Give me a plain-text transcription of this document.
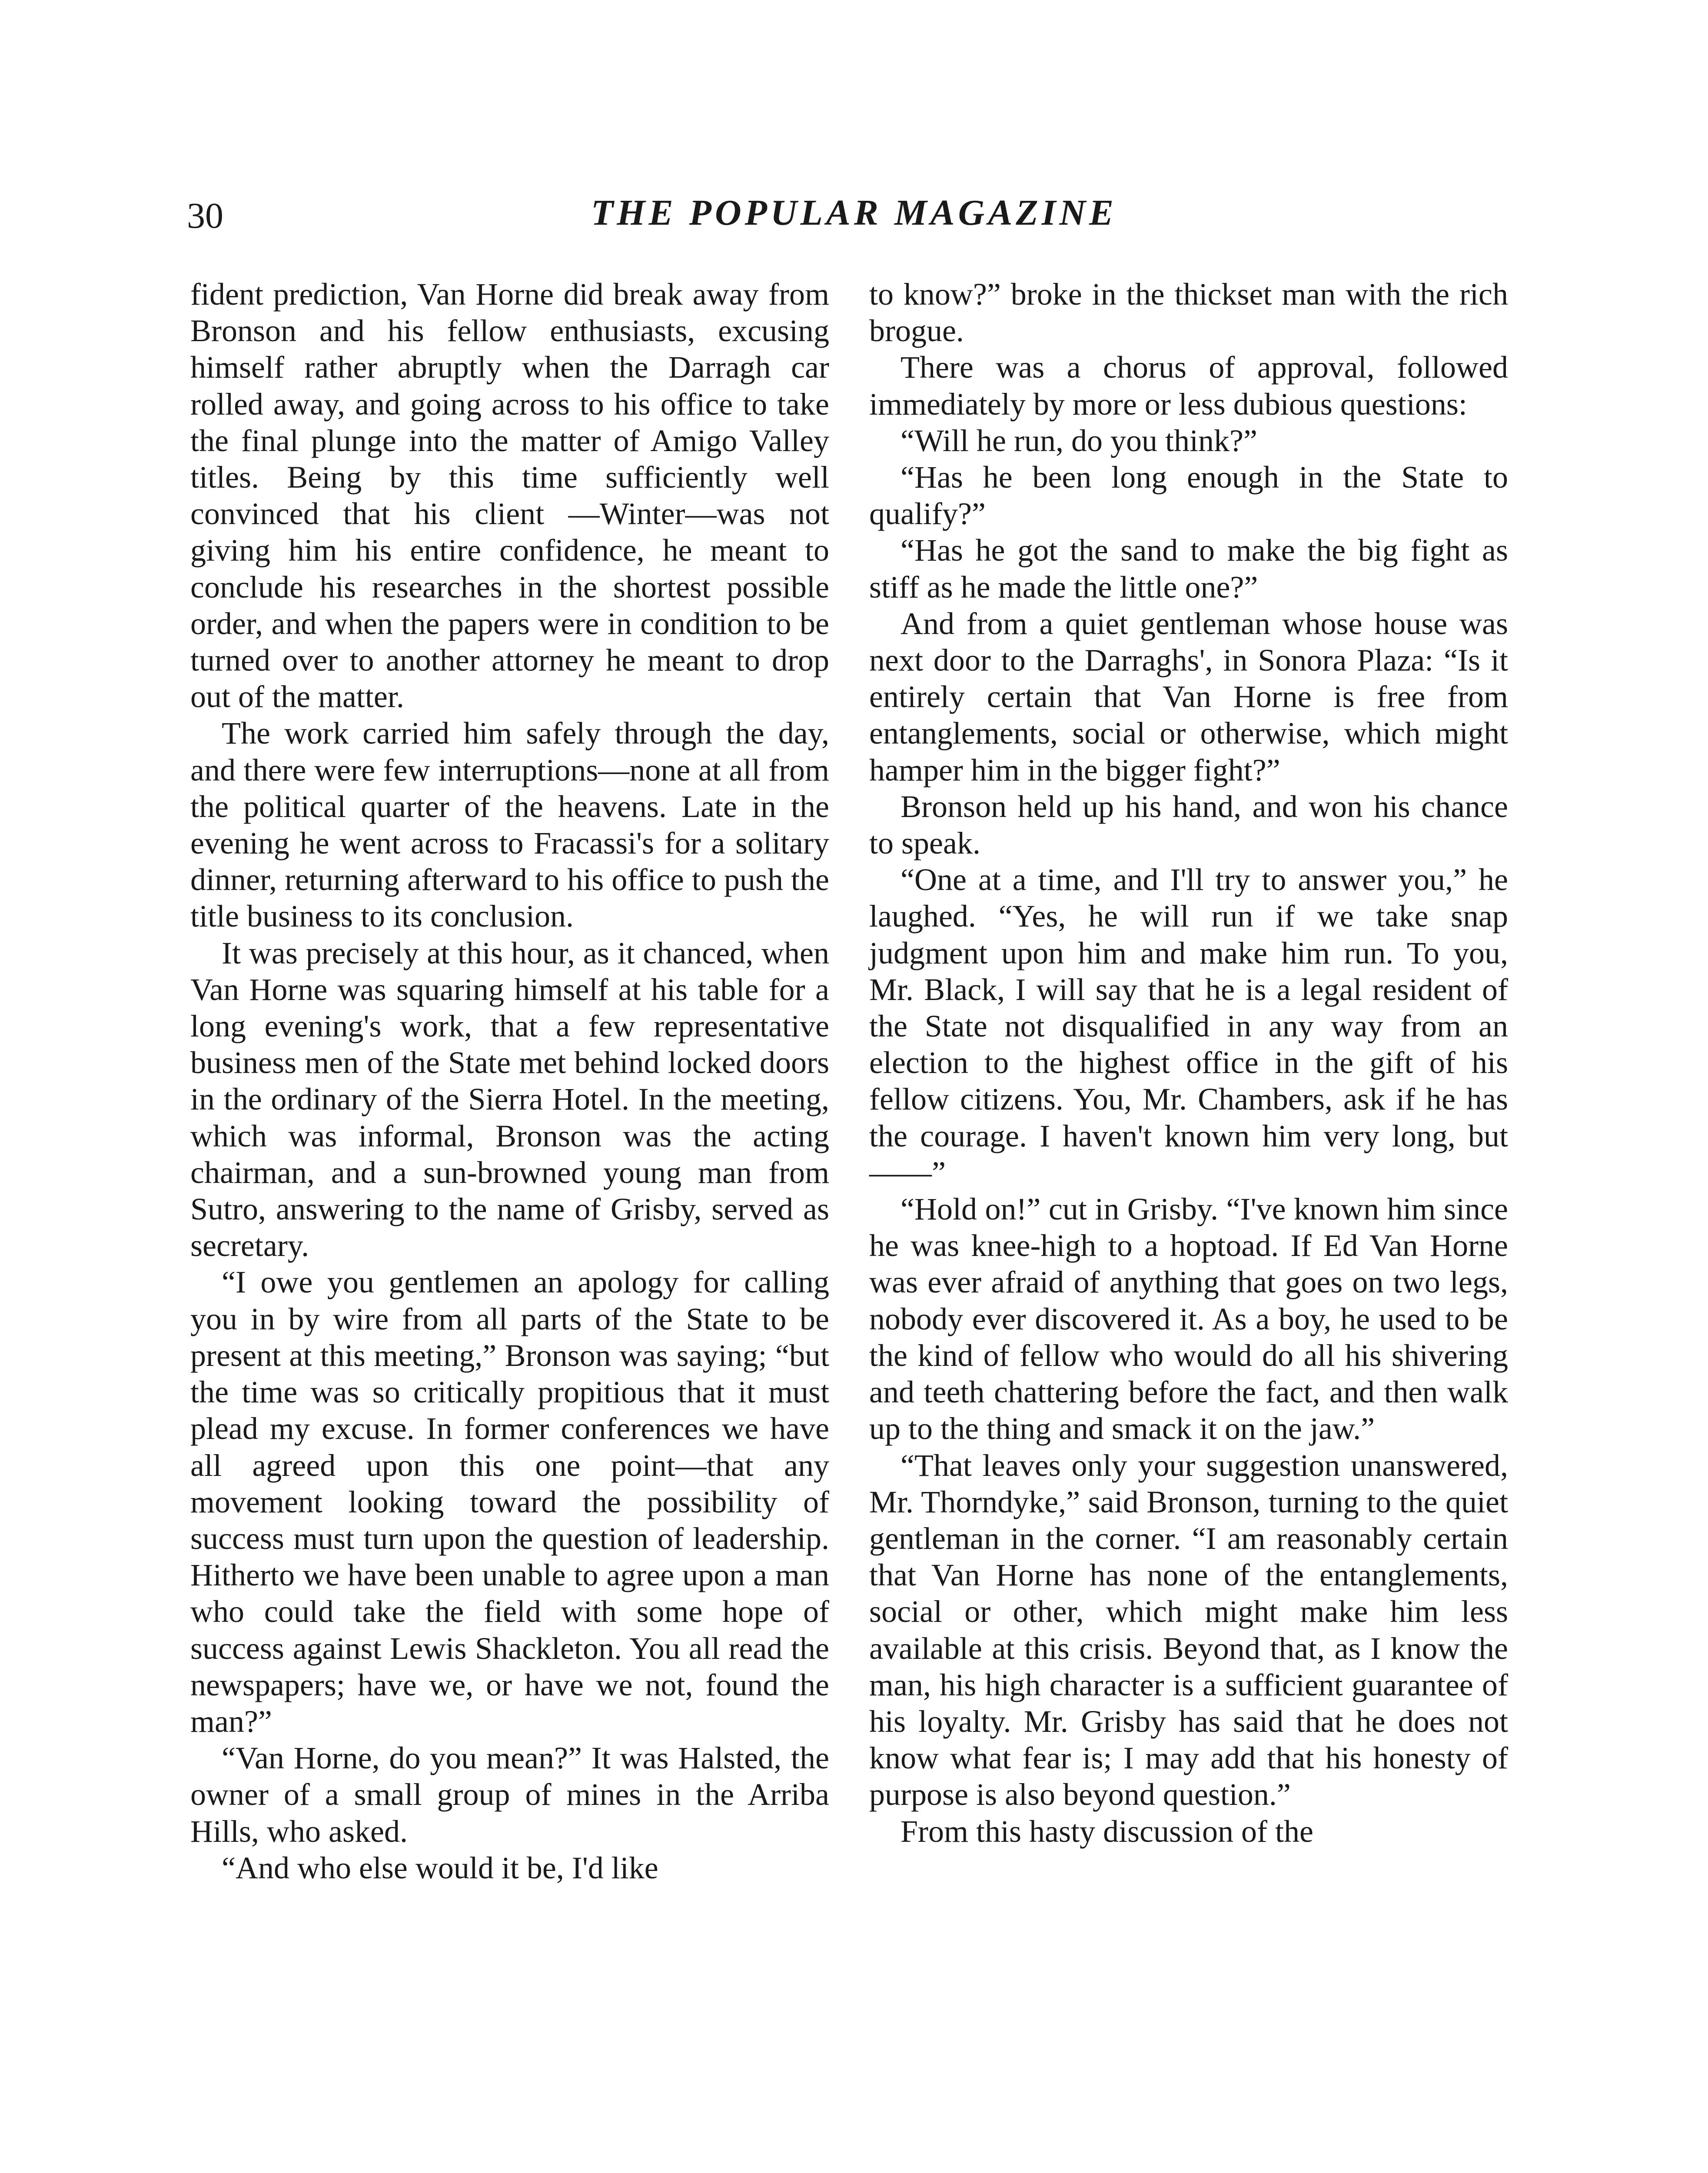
30	THE POPULAR MAGAZINE

fident prediction, Van Horne did break away from Bronson and his fellow enthusiasts, excusing himself rather abruptly when the Darragh car rolled away, and going across to his office to take the final plunge into the matter of Amigo Valley titles. Being by this time sufficiently well convinced that his client —Winter—was not giving him his entire confidence, he meant to conclude his researches in the shortest possible order, and when the papers were in condition to be turned over to another attorney he meant to drop out of the matter.

The work carried him safely through the day, and there were few interruptions—none at all from the political quarter of the heavens. Late in the evening he went across to Fracassi's for a solitary dinner, returning afterward to his office to push the title business to its conclusion.

It was precisely at this hour, as it chanced, when Van Horne was squaring himself at his table for a long evening's work, that a few representative business men of the State met behind locked doors in the ordinary of the Sierra Hotel. In the meeting, which was informal, Bronson was the acting chairman, and a sun-browned young man from Sutro, answering to the name of Grisby, served as secretary.

“I owe you gentlemen an apology for calling you in by wire from all parts of the State to be present at this meeting,” Bronson was saying; “but the time was so critically propitious that it must plead my excuse. In former conferences we have all agreed upon this one point—that any movement looking toward the possibility of success must turn upon the question of leadership. Hitherto we have been unable to agree upon a man who could take the field with some hope of success against Lewis Shackleton. You all read the newspapers; have we, or have we not, found the man?”

“Van Horne, do you mean?” It was Halsted, the owner of a small group of mines in the Arriba Hills, who asked.

“And who else would it be, I'd like

to know?” broke in the thickset man with the rich brogue.

There was a chorus of approval, followed immediately by more or less dubious questions:

“Will he run, do you think?”

“Has he been long enough in the State to qualify?”

“Has he got the sand to make the big fight as stiff as he made the little one?”

And from a quiet gentleman whose house was next door to the Darraghs', in Sonora Plaza: “Is it entirely certain that Van Horne is free from entanglements, social or otherwise, which might hamper him in the bigger fight?”

Bronson held up his hand, and won his chance to speak.

“One at a time, and I'll try to answer you,” he laughed. “Yes, he will run if we take snap judgment upon him and make him run. To you, Mr. Black, I will say that he is a legal resident of the State not disqualified in any way from an election to the highest office in the gift of his fellow citizens. You, Mr. Chambers, ask if he has the courage. I haven't known him very long, but——”

“Hold on!” cut in Grisby. “I've known him since he was knee-high to a hoptoad. If Ed Van Horne was ever afraid of anything that goes on two legs, nobody ever discovered it. As a boy, he used to be the kind of fellow who would do all his shivering and teeth chattering before the fact, and then walk up to the thing and smack it on the jaw.”

“That leaves only your suggestion unanswered, Mr. Thorndyke,” said Bronson, turning to the quiet gentleman in the corner. “I am reasonably certain that Van Horne has none of the entanglements, social or other, which might make him less available at this crisis. Beyond that, as I know the man, his high character is a sufficient guarantee of his loyalty. Mr. Grisby has said that he does not know what fear is; I may add that his honesty of purpose is also beyond question.”

From this hasty discussion of the
